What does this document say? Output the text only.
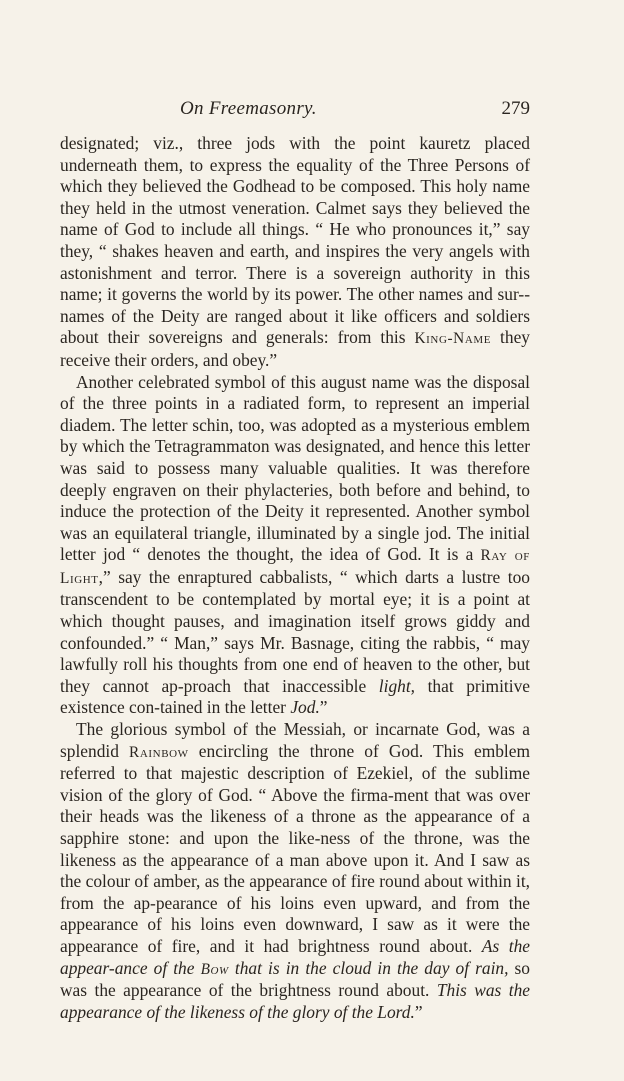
On Freemasonry.	279

designated; viz., three jods with the point kauretz placed underneath them, to express the equality of the Three Persons of which they believed the Godhead to be composed. This holy name they held in the utmost veneration. Calmet says they believed the name of God to include all things. “ He who pronounces it,” say they, “ shakes heaven and earth, and inspires the very angels with astonishment and terror. There is a sovereign authority in this name; it governs the world by its power. The other names and sur-names of the Deity are ranged about it like officers and soldiers about their sovereigns and generals: from this King-Name they receive their orders, and obey.”

Another celebrated symbol of this august name was the disposal of the three points in a radiated form, to represent an imperial diadem. The letter schin, too, was adopted as a mysterious emblem by which the Tetragrammaton was designated, and hence this letter was said to possess many valuable qualities. It was therefore deeply engraven on their phylacteries, both before and behind, to induce the protection of the Deity it represented. Another symbol was an equilateral triangle, illuminated by a single jod. The initial letter jod “ denotes the thought, the idea of God. It is a Ray of Light,” say the enraptured cabbalists, “ which darts a lustre too transcendent to be contemplated by mortal eye; it is a point at which thought pauses, and imagination itself grows giddy and confounded.” “ Man,” says Mr. Basnage, citing the rabbis, “ may lawfully roll his thoughts from one end of heaven to the other, but they cannot ap-proach that inaccessible light, that primitive existence con-tained in the letter Jod.”

The glorious symbol of the Messiah, or incarnate God, was a splendid Rainbow encircling the throne of God. This emblem referred to that majestic description of Ezekiel, of the sublime vision of the glory of God. “ Above the firma-ment that was over their heads was the likeness of a throne as the appearance of a sapphire stone: and upon the like-ness of the throne, was the likeness as the appearance of a man above upon it. And I saw as the colour of amber, as the appearance of fire round about within it, from the ap-pearance of his loins even upward, and from the appearance of his loins even downward, I saw as it were the appearance of fire, and it had brightness round about. As the appear-ance of the Bow that is in the cloud in the day of rain, so was the appearance of the brightness round about. This was the appearance of the likeness of the glory of the Lord.”
